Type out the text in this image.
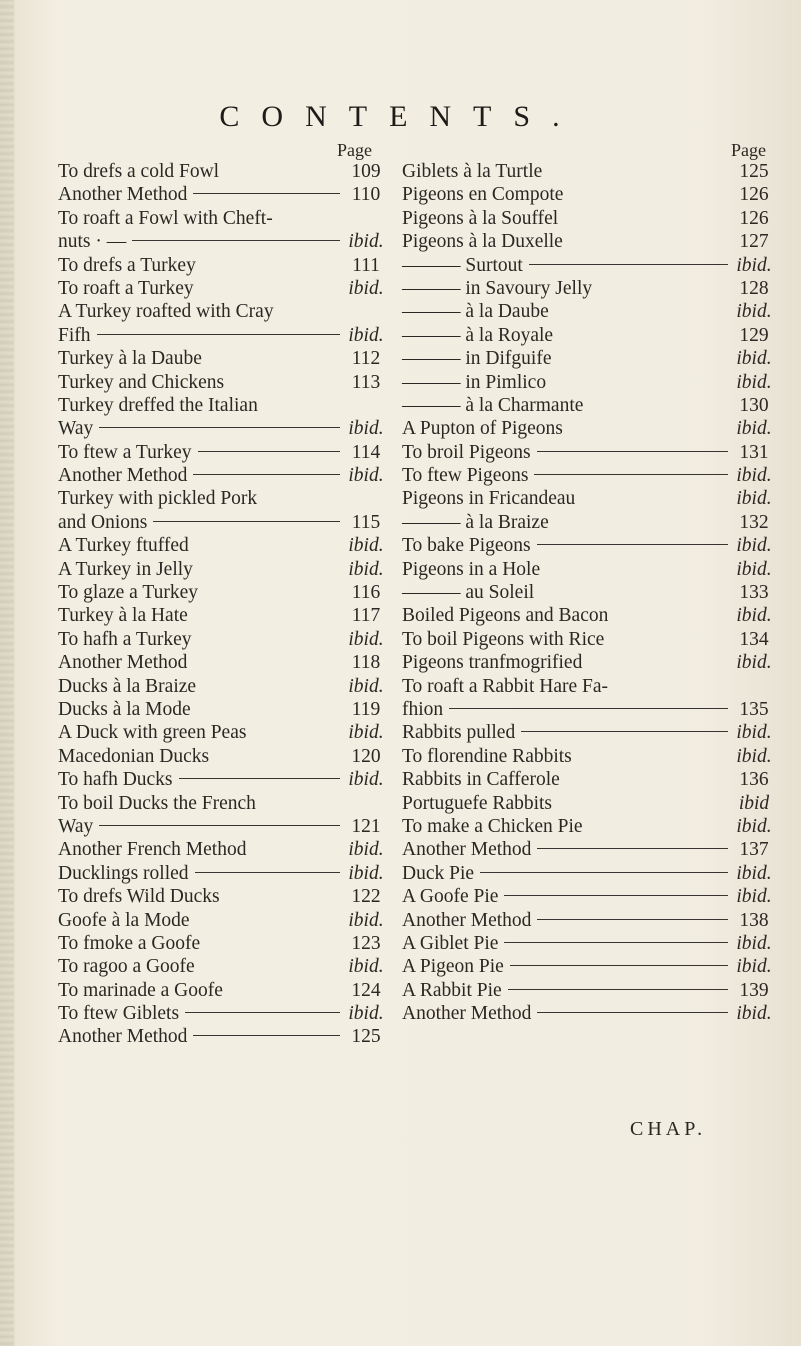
CONTENTS.
Page
To drefs a cold Fowl	109
Another Method	110
To roaft a Fowl with Cheft-
nuts · —	ibid.
To drefs a Turkey	111
To roaft a Turkey	ibid.
A Turkey roafted with Cray
Fifh	ibid.
Turkey à la Daube	112
Turkey and Chickens	113
Turkey dreffed the Italian
Way	ibid.
To ftew a Turkey	114
Another Method	ibid.
Turkey with pickled Pork
and Onions	115
A Turkey ftuffed	ibid.
A Turkey in Jelly	ibid.
To glaze a Turkey	116
Turkey à la Hate	117
To hafh a Turkey	ibid.
Another Method	118
Ducks à la Braize	ibid.
Ducks à la Mode	119
A Duck with green Peas	ibid.
Macedonian Ducks	120
To hafh Ducks	ibid.
To boil Ducks the French
Way	121
Another French Method	ibid.
Ducklings rolled	ibid.
To drefs Wild Ducks	122
Goofe à la Mode	ibid.
To fmoke a Goofe	123
To ragoo a Goofe	ibid.
To marinade a Goofe	124
To ftew Giblets	ibid.
Another Method	125
Page
Giblets à la Turtle	125
Pigeons en Compote	126
Pigeons à la Souffel	126
Pigeons à la Duxelle	127
——— Surtout	ibid.
——— in Savoury Jelly	128
——— à la Daube	ibid.
——— à la Royale	129
——— in Difguife	ibid.
——— in Pimlico	ibid.
——— à la Charmante	130
A Pupton of Pigeons	ibid.
To broil Pigeons	131
To ftew Pigeons	ibid.
Pigeons in Fricandeau	ibid.
——— à la Braize	132
To bake Pigeons	ibid.
Pigeons in a Hole	ibid.
——— au Soleil	133
Boiled Pigeons and Bacon	ibid.
To boil Pigeons with Rice	134
Pigeons tranfmogrified	ibid.
To roaft a Rabbit Hare Fa-
fhion	135
Rabbits pulled	ibid.
To florendine Rabbits	ibid.
Rabbits in Cafferole	136
Portuguefe Rabbits	ibid
To make a Chicken Pie	ibid.
Another Method	137
Duck Pie	ibid.
A Goofe Pie	ibid.
Another Method	138
A Giblet Pie	ibid.
A Pigeon Pie	ibid.
A Rabbit Pie	139
Another Method	ibid.
CHAP.
